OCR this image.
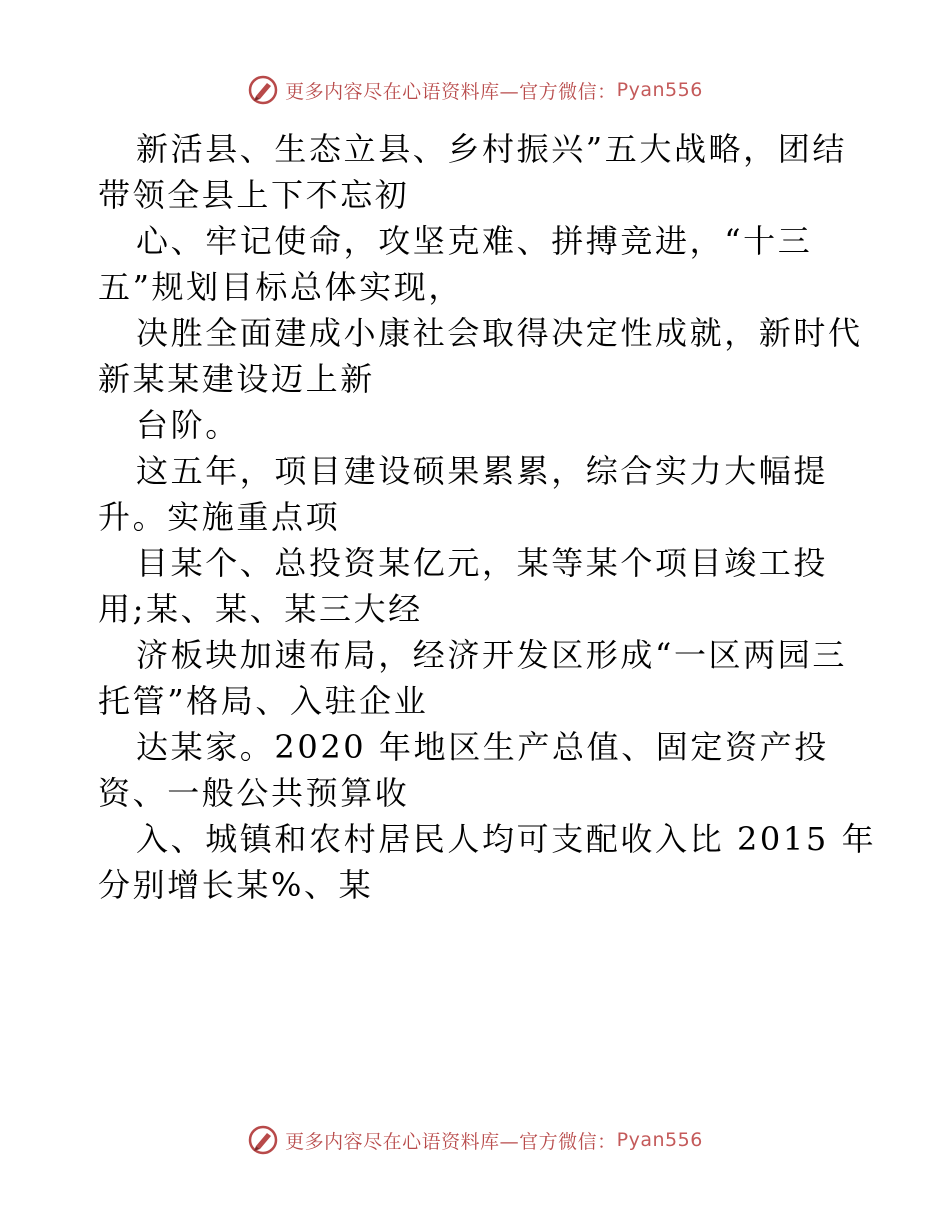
更多内容尽在心语资料库—官方微信： Pyan556
新活县、生态立县、乡村振兴”五大战略，团结
带领全县上下不忘初
心、牢记使命，攻坚克难、拼搏竞进，“十三
五”规划目标总体实现，
决胜全面建成小康社会取得决定性成就，新时代
新某某建设迈上新
台阶。
这五年，项目建设硕果累累，综合实力大幅提
升。实施重点项
目某个、总投资某亿元，某等某个项目竣工投
用;某、某、某三大经
济板块加速布局，经济开发区形成“一区两园三
托管”格局、入驻企业
达某家。2020 年地区生产总值、固定资产投
资、一般公共预算收
入、城镇和农村居民人均可支配收入比 2015 年
分别增长某%、某
更多内容尽在心语资料库—官方微信： Pyan556
